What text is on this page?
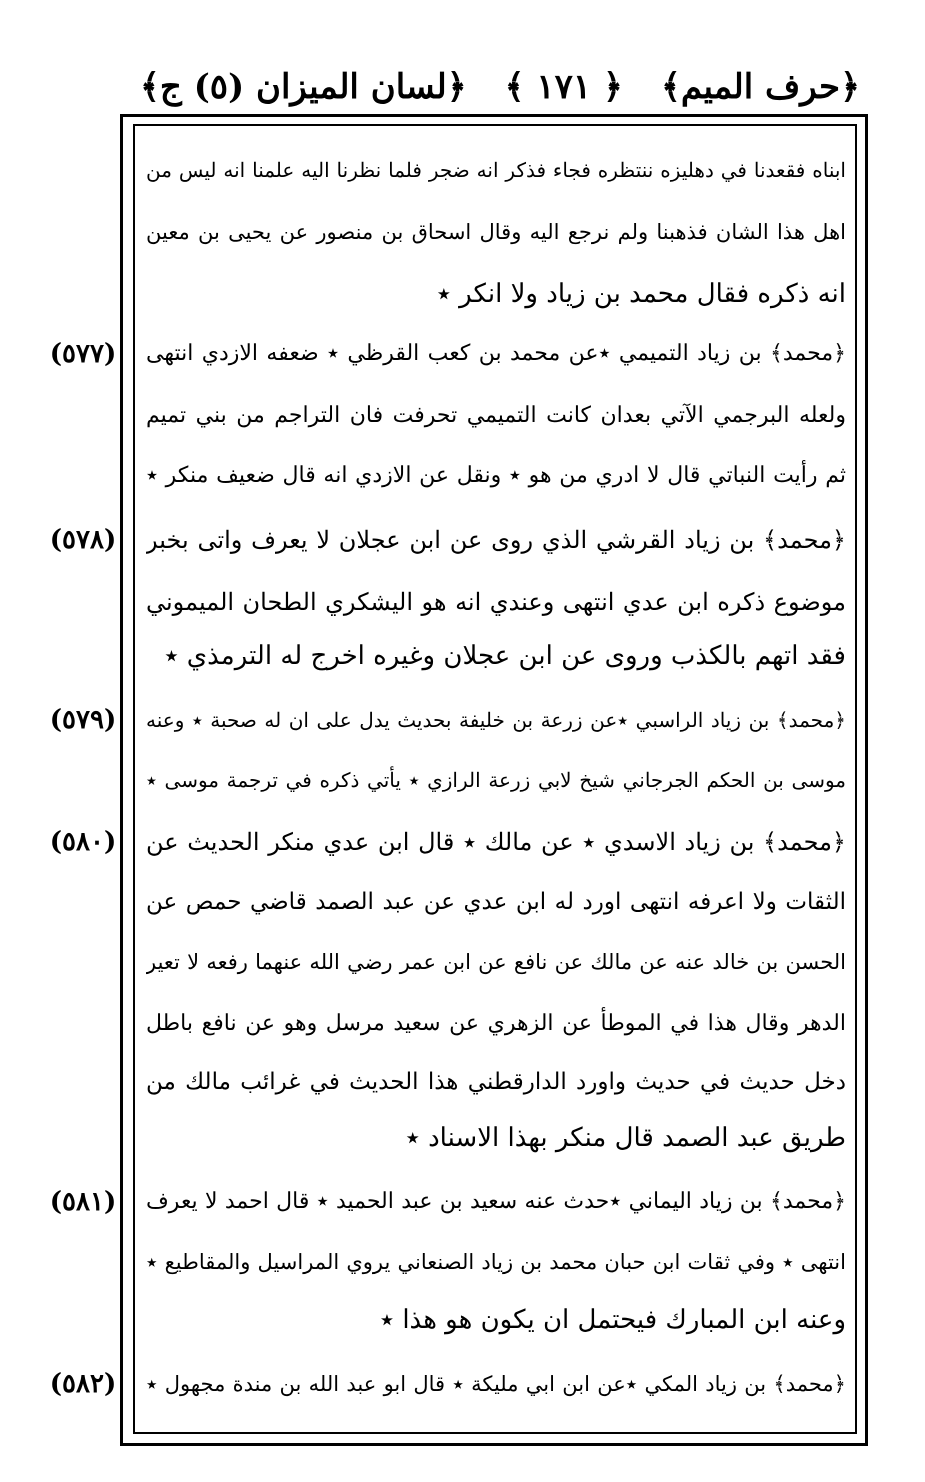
﴿حرف الميم﴾
﴿ ١٧١ ﴾
﴿لسان الميزان (٥) ج﴾
ابناه فقعدنا في دهليزه ننتظره فجاء فذكر انه ضجر فلما نظرنا اليه علمنا انه ليس من
اهل هذا الشان فذهبنا ولم نرجع اليه وقال اسحاق بن منصور عن يحيى بن معين
انه ذكره فقال محمد بن زياد ولا انكر ٭
﴿محمد﴾ بن زياد التميمي ٭عن محمد بن كعب القرظي ٭ ضعفه الازدي انتهى
ولعله البرجمي الآتي بعدان كانت التميمي تحرفت فان التراجم من بني تميم
ثم رأيت النباتي قال لا ادري من هو ٭ ونقل عن الازدي انه قال ضعيف منكر ٭
﴿محمد﴾ بن زياد القرشي الذي روى عن ابن عجلان لا يعرف واتى بخبر
موضوع ذكره ابن عدي انتهى وعندي انه هو اليشكري الطحان الميموني
فقد اتهم بالكذب وروى عن ابن عجلان وغيره اخرج له الترمذي ٭
﴿محمد﴾ بن زياد الراسبي ٭عن زرعة بن خليفة بحديث يدل على ان له صحبة ٭ وعنه
موسى بن الحكم الجرجاني شيخ لابي زرعة الرازي ٭ يأتي ذكره في ترجمة موسى ٭
﴿محمد﴾ بن زياد الاسدي ٭ عن مالك ٭ قال ابن عدي منكر الحديث عن
الثقات ولا اعرفه انتهى اورد له ابن عدي عن عبد الصمد قاضي حمص عن
الحسن بن خالد عنه عن مالك عن نافع عن ابن عمر رضي الله عنهما رفعه لا تعير
الدهر وقال هذا في الموطأ عن الزهري عن سعيد مرسل وهو عن نافع باطل
دخل حديث في حديث واورد الدارقطني هذا الحديث في غرائب مالك من
طريق عبد الصمد قال منكر بهذا الاسناد ٭
﴿محمد﴾ بن زياد اليماني ٭حدث عنه سعيد بن عبد الحميد ٭ قال احمد لا يعرف
انتهى ٭ وفي ثقات ابن حبان محمد بن زياد الصنعاني يروي المراسيل والمقاطيع ٭
وعنه ابن المبارك فيحتمل ان يكون هو هذا ٭
﴿محمد﴾ بن زياد المكي ٭عن ابن ابي مليكة ٭ قال ابو عبد الله بن مندة مجهول ٭
(٥٧٧)
(٥٧٨)
(٥٧٩)
(٥٨٠)
(٥٨١)
(٥٨٢)
